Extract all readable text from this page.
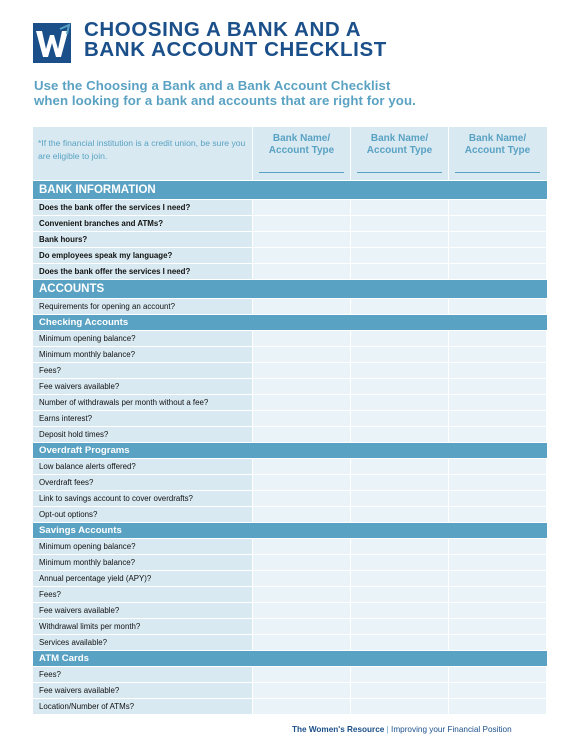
CHOOSING A BANK AND A
BANK ACCOUNT CHECKLIST
Use the Choosing a Bank and a Bank Account Checklist
when looking for a bank and accounts that are right for you.
*If the financial institution is a credit union, be sure you are eligible to join.
Bank Name/ Account Type
Bank Name/ Account Type
Bank Name/ Account Type
BANK INFORMATION
Does the bank offer the services I need?
Convenient branches and ATMs?
Bank hours?
Do employees speak my language?
Does the bank offer the services I need?
ACCOUNTS
Requirements for opening an account?
Checking Accounts
Minimum opening balance?
Minimum monthly balance?
Fees?
Fee waivers available?
Number of withdrawals per month without a fee?
Earns interest?
Deposit hold times?
Overdraft Programs
Low balance alerts offered?
Overdraft fees?
Link to savings account to cover overdrafts?
Opt-out options?
Savings Accounts
Minimum opening balance?
Minimum monthly balance?
Annual percentage yield (APY)?
Fees?
Fee waivers available?
Withdrawal limits per month?
Services available?
ATM Cards
Fees?
Fee waivers available?
Location/Number of ATMs?
The Women's Resource | Improving your Financial Position
